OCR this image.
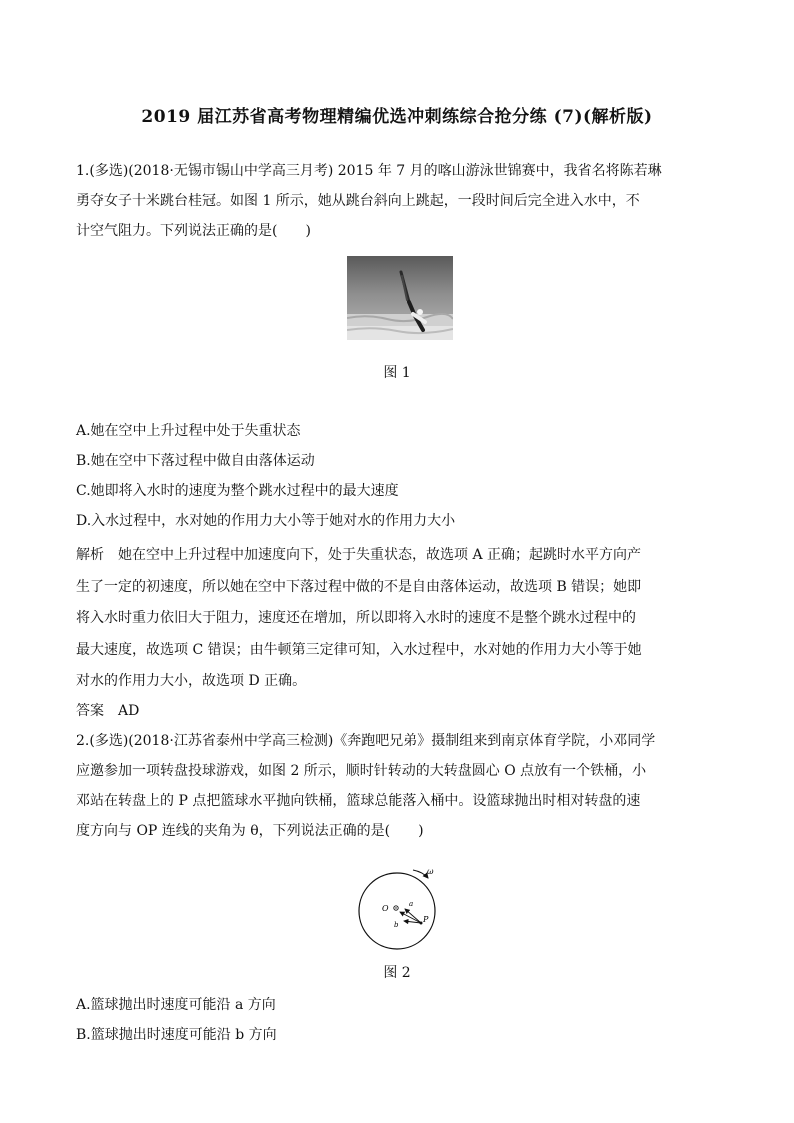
2019 届江苏省高考物理精编优选冲刺练综合抢分练 (7)(解析版)
1.(多选)(2018·无锡市锡山中学高三月考) 2015 年 7 月的喀山游泳世锦赛中，我省名将陈若琳
勇夺女子十米跳台桂冠。如图 1 所示，她从跳台斜向上跳起，一段时间后完全进入水中，不
计空气阻力。下列说法正确的是(　　)
图 1
A.她在空中上升过程中处于失重状态
B.她在空中下落过程中做自由落体运动
C.她即将入水时的速度为整个跳水过程中的最大速度
D.入水过程中，水对她的作用力大小等于她对水的作用力大小
解析　她在空中上升过程中加速度向下，处于失重状态，故选项 A 正确；起跳时水平方向产
生了一定的初速度，所以她在空中下落过程中做的不是自由落体运动，故选项 B 错误；她即
将入水时重力依旧大于阻力，速度还在增加，所以即将入水时的速度不是整个跳水过程中的
最大速度，故选项 C 错误；由牛顿第三定律可知，入水过程中，水对她的作用力大小等于她
对水的作用力大小，故选项 D 正确。
答案　AD
2.(多选)(2018·江苏省泰州中学高三检测)《奔跑吧兄弟》摄制组来到南京体育学院，小邓同学
应邀参加一项转盘投球游戏，如图 2 所示，顺时针转动的大转盘圆心 O 点放有一个铁桶，小
邓站在转盘上的 P 点把篮球水平抛向铁桶，篮球总能落入桶中。设篮球抛出时相对转盘的速
度方向与 OP 连线的夹角为 θ，下列说法正确的是(　　)
ω
O	a
b
P
图 2
A.篮球抛出时速度可能沿 a 方向
B.篮球抛出时速度可能沿 b 方向
